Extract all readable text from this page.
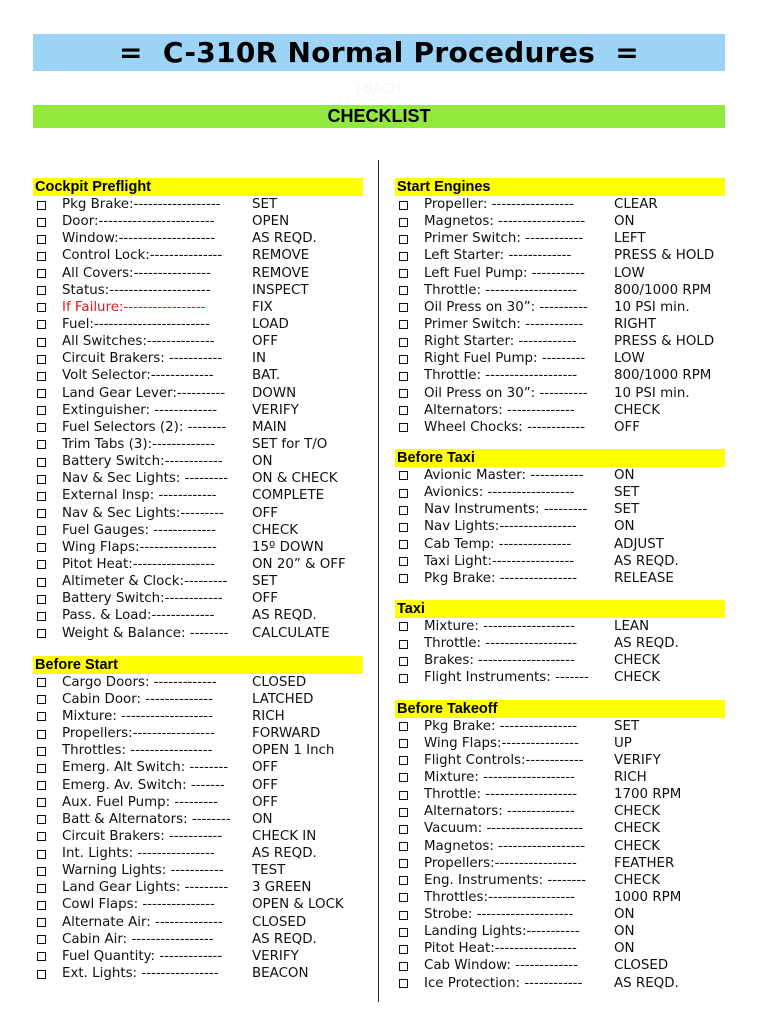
=  C-310R Normal Procedures  =
J-BACH
CHECKLIST
Cockpit Preflight
Pkg Brake:------------------ SET
Door:------------------------	OPEN
Window:--------------------	AS REQD.
Control Lock:--------------- REMOVE
All Covers:----------------	REMOVE
Status:---------------------	INSPECT
If Failure:-----------------	FIX
Fuel:------------------------	LOAD
All Switches:--------------	OFF
Circuit Brakers: ----------- IN
Volt Selector:-------------	BAT.
Land Gear Lever:---------- DOWN
Extinguisher: -------------	VERIFY
Fuel Selectors (2): -------- MAIN
Trim Tabs (3):-------------	SET for T/O
Battery Switch:------------ ON
Nav & Sec Lights: --------- ON & CHECK
External Insp: ------------	COMPLETE
Nav & Sec Lights:--------- OFF
Fuel Gauges: -------------	CHECK
Wing Flaps:----------------	15º DOWN
Pitot Heat:-----------------	ON 20” & OFF
Altimeter & Clock:--------- SET
Battery Switch:------------ OFF
Pass. & Load:-------------	AS REQD.
Weight & Balance: -------- CALCULATE
Before Start
Cargo Doors: -------------	CLOSED
Cabin Door: --------------	LATCHED
Mixture: -------------------	RICH
Propellers:-----------------	FORWARD
Throttles: -----------------	OPEN 1 Inch
Emerg. Alt Switch: -------- OFF
Emerg. Av. Switch: ------- OFF
Aux. Fuel Pump: ---------	OFF
Batt & Alternators: -------- ON
Circuit Brakers: ----------- CHECK IN
Int. Lights: ----------------	AS REQD.
Warning Lights: ----------- TEST
Land Gear Lights: --------- 3 GREEN
Cowl Flaps: ---------------	OPEN & LOCK
Alternate Air: -------------- CLOSED
Cabin Air: -----------------	AS REQD.
Fuel Quantity: ------------- VERIFY
Ext. Lights: ---------------- BEACON
Start Engines
Propeller: -----------------	CLEAR
Magnetos: ------------------ ON
Primer Switch: ------------ LEFT
Left Starter: -------------	PRESS & HOLD
Left Fuel Pump: ----------- LOW
Throttle: -------------------	800/1000 RPM
Oil Press on 30”: ---------- 10 PSI min.
Primer Switch: ------------ RIGHT
Right Starter: ------------	PRESS & HOLD
Right Fuel Pump: --------- LOW
Throttle: -------------------	800/1000 RPM
Oil Press on 30”: ---------- 10 PSI min.
Alternators: --------------	CHECK
Wheel Chocks: ------------ OFF
Before Taxi
Avionic Master: ----------- ON
Avionics: ------------------	SET
Nav Instruments: --------- SET
Nav Lights:----------------	ON
Cab Temp: ---------------	ADJUST
Taxi Light:-----------------	AS REQD.
Pkg Brake: ----------------	RELEASE
Taxi
Mixture: -------------------	LEAN
Throttle: -------------------	AS REQD.
Brakes: --------------------	CHECK
Flight Instruments: ------- CHECK
Before Takeoff
Pkg Brake: ----------------	SET
Wing Flaps:----------------	UP
Flight Controls:------------ VERIFY
Mixture: -------------------	RICH
Throttle: -------------------	1700 RPM
Alternators: --------------	CHECK
Vacuum: -------------------- CHECK
Magnetos: ------------------ CHECK
Propellers:-----------------	FEATHER
Eng. Instruments: -------- CHECK
Throttles:------------------	1000 RPM
Strobe: --------------------	ON
Landing Lights:-----------	ON
Pitot Heat:-----------------	ON
Cab Window: -------------	CLOSED
Ice Protection: ------------ AS REQD.
